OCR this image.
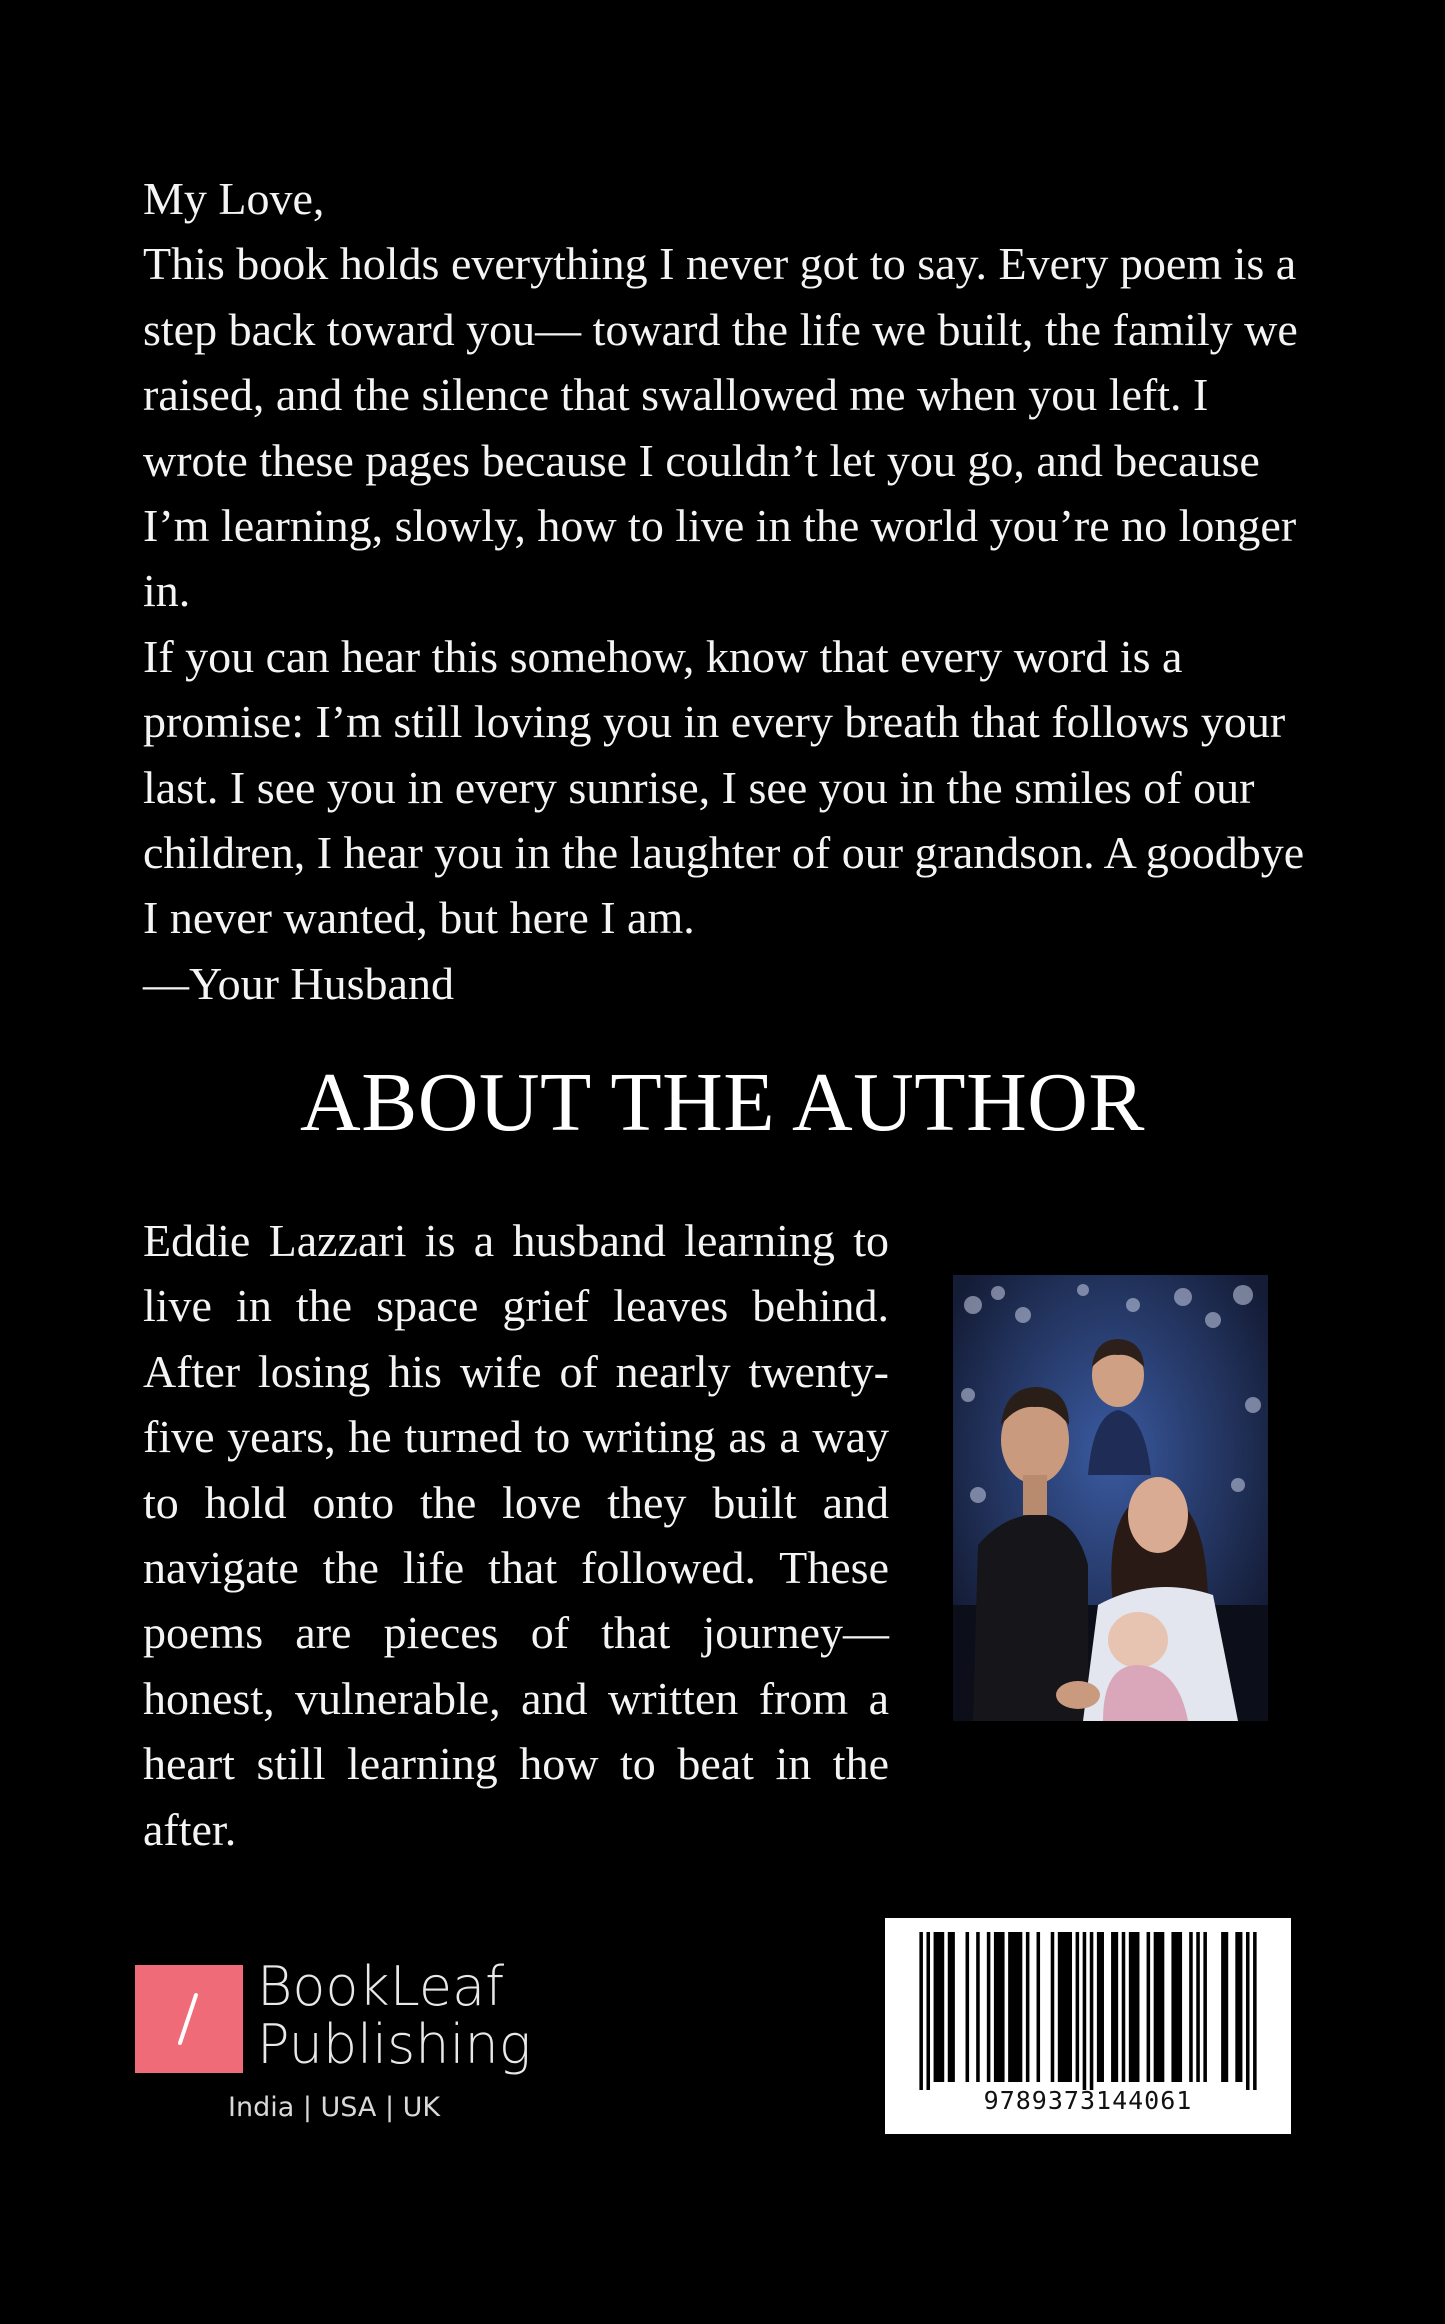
My Love,

This book holds everything I never got to say. Every poem is a step back toward you— toward the life we built, the family we raised, and the silence that swallowed me when you left. I wrote these pages because I couldn’t let you go, and because I’m learning, slowly, how to live in the world you’re no longer in.

If you can hear this somehow, know that every word is a promise: I’m still loving you in every breath that follows your last. I see you in every sunrise, I see you in the smiles of our children, I hear you in the laughter of our grandson. A goodbye I never wanted, but here I am.

—Your Husband

ABOUT THE AUTHOR

Eddie Lazzari is a husband learning to live in the space grief leaves behind. After losing his wife of nearly twenty-five years, he turned to writing as a way to hold onto the love they built and navigate the life that followed. These poems are pieces of that journey—honest, vulnerable, and written from a heart still learning how to beat in the after.

BookLeaf
Publishing
India | USA | UK	9789373144061
